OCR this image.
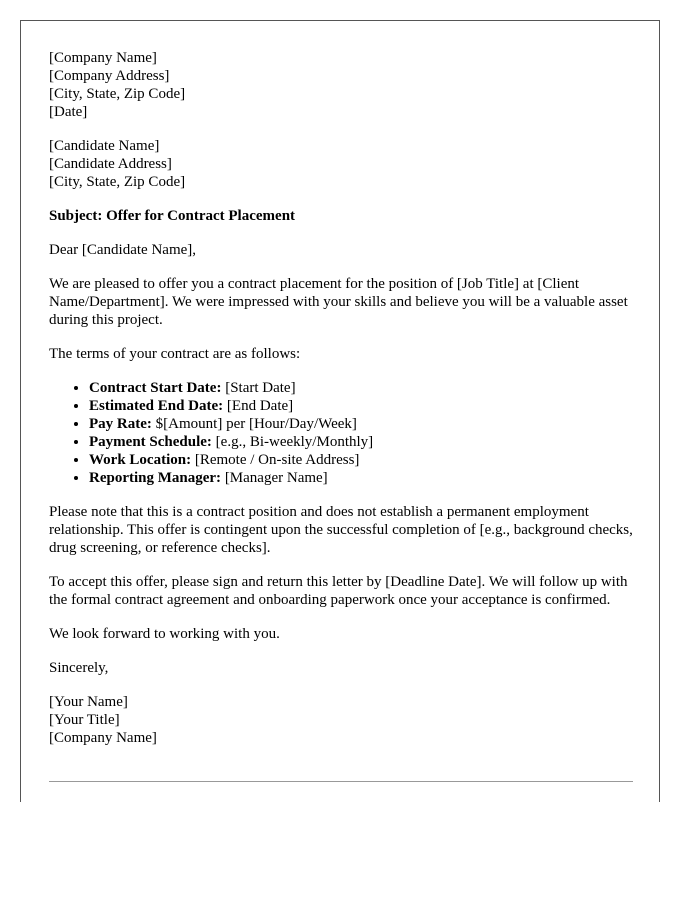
[Company Name]
[Company Address]
[City, State, Zip Code]
[Date]
[Candidate Name]
[Candidate Address]
[City, State, Zip Code]

Subject: Offer for Contract Placement

Dear [Candidate Name],

We are pleased to offer you a contract placement for the position of [Job Title] at [Client Name/Department]. We were impressed with your skills and believe you will be a valuable asset during this project.

The terms of your contract are as follows:

• Contract Start Date: [Start Date]
• Estimated End Date: [End Date]
• Pay Rate: $[Amount] per [Hour/Day/Week]
• Payment Schedule: [e.g., Bi-weekly/Monthly]
• Work Location: [Remote / On-site Address]
• Reporting Manager: [Manager Name]

Please note that this is a contract position and does not establish a permanent employment relationship. This offer is contingent upon the successful completion of [e.g., background checks, drug screening, or reference checks].

To accept this offer, please sign and return this letter by [Deadline Date]. We will follow up with the formal contract agreement and onboarding paperwork once your acceptance is confirmed.

We look forward to working with you.

Sincerely,

[Your Name]
[Your Title]
[Company Name]
